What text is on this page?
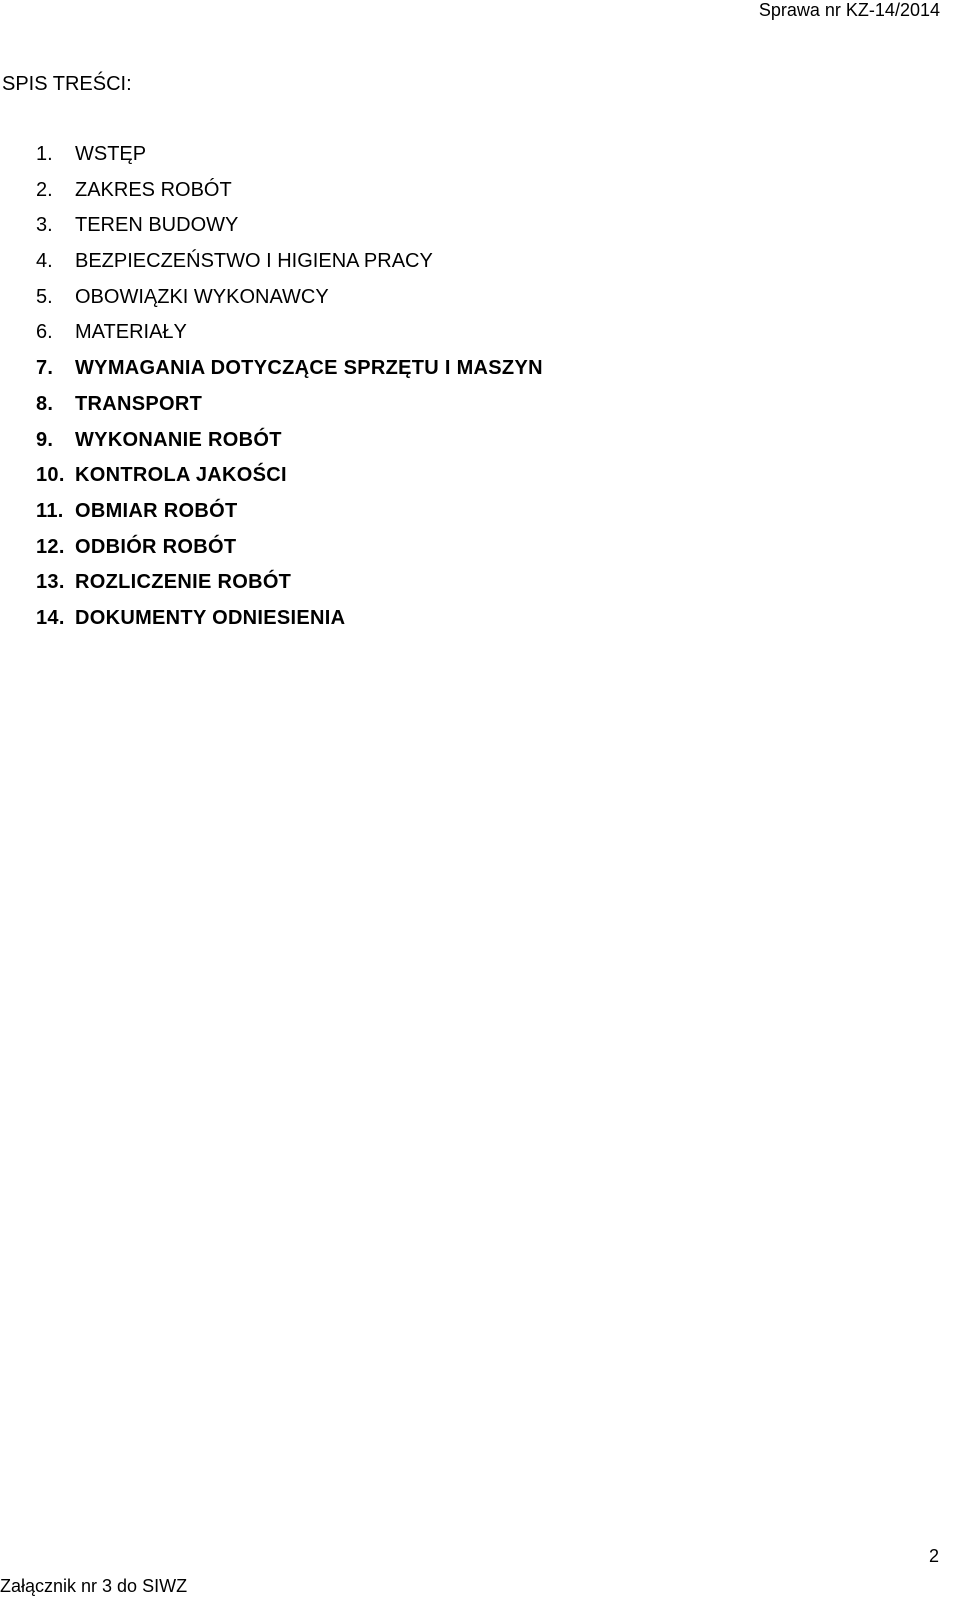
Sprawa nr KZ-14/2014
SPIS TREŚCI:
1. WSTĘP
2. ZAKRES ROBÓT
3. TEREN BUDOWY
4. BEZPIECZEŃSTWO I HIGIENA PRACY
5. OBOWIĄZKI WYKONAWCY
6. MATERIAŁY
7. WYMAGANIA DOTYCZĄCE SPRZĘTU I MASZYN
8. TRANSPORT
9. WYKONANIE ROBÓT
10. KONTROLA JAKOŚCI
11. OBMIAR ROBÓT
12. ODBIÓR ROBÓT
13. ROZLICZENIE ROBÓT
14. DOKUMENTY ODNIESIENIA
2
Załącznik nr 3 do SIWZ
